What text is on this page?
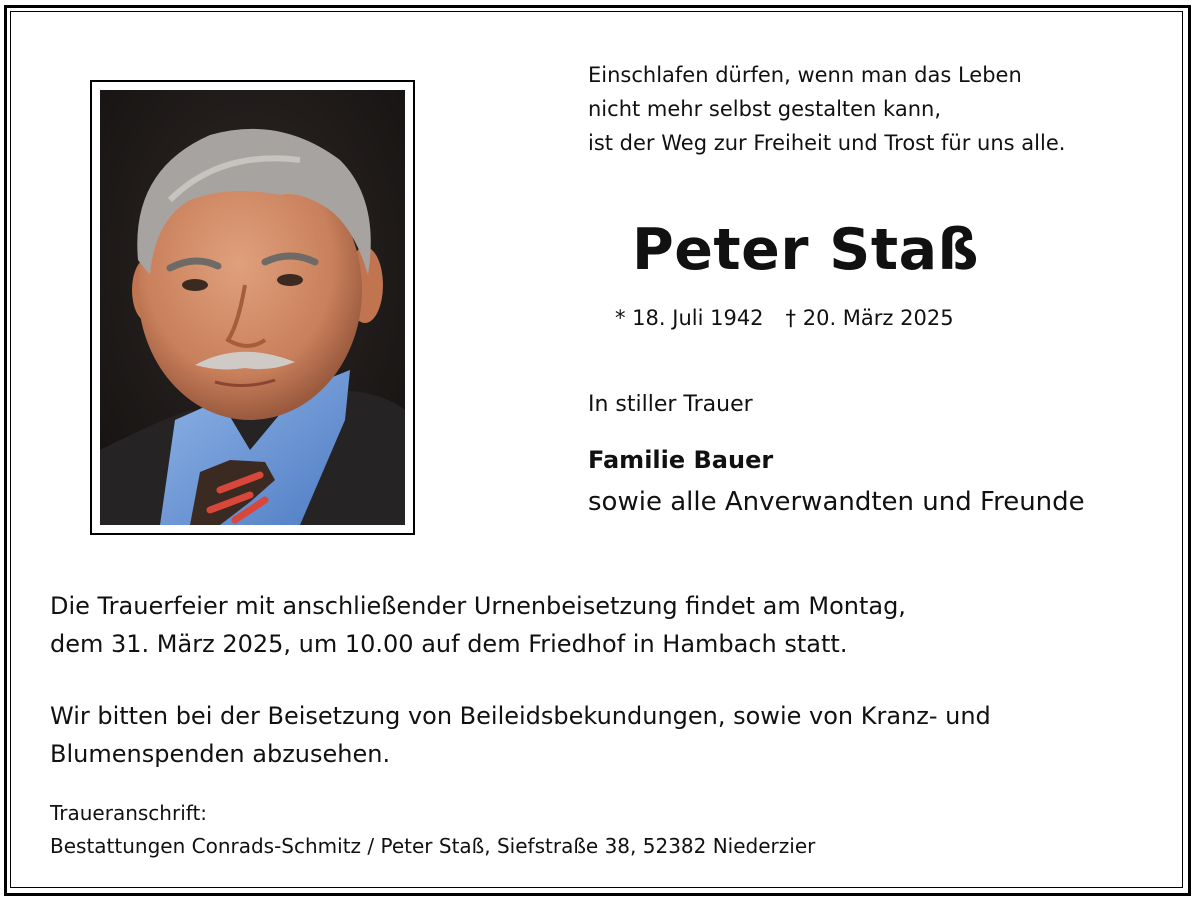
Einschlafen dürfen, wenn man das Leben
nicht mehr selbst gestalten kann,
ist der Weg zur Freiheit und Trost für uns alle.
Peter Staß
* 18. Juli 1942 † 20. März 2025
In stiller Trauer
Familie Bauer
sowie alle Anverwandten und Freunde
Die Trauerfeier mit anschließender Urnenbeisetzung findet am Montag,
dem 31. März 2025, um 10.00 auf dem Friedhof in Hambach statt.
Wir bitten bei der Beisetzung von Beileidsbekundungen, sowie von Kranz- und
Blumenspenden abzusehen.
Traueranschrift:
Bestattungen Conrads-Schmitz / Peter Staß, Siefstraße 38, 52382 Niederzier
